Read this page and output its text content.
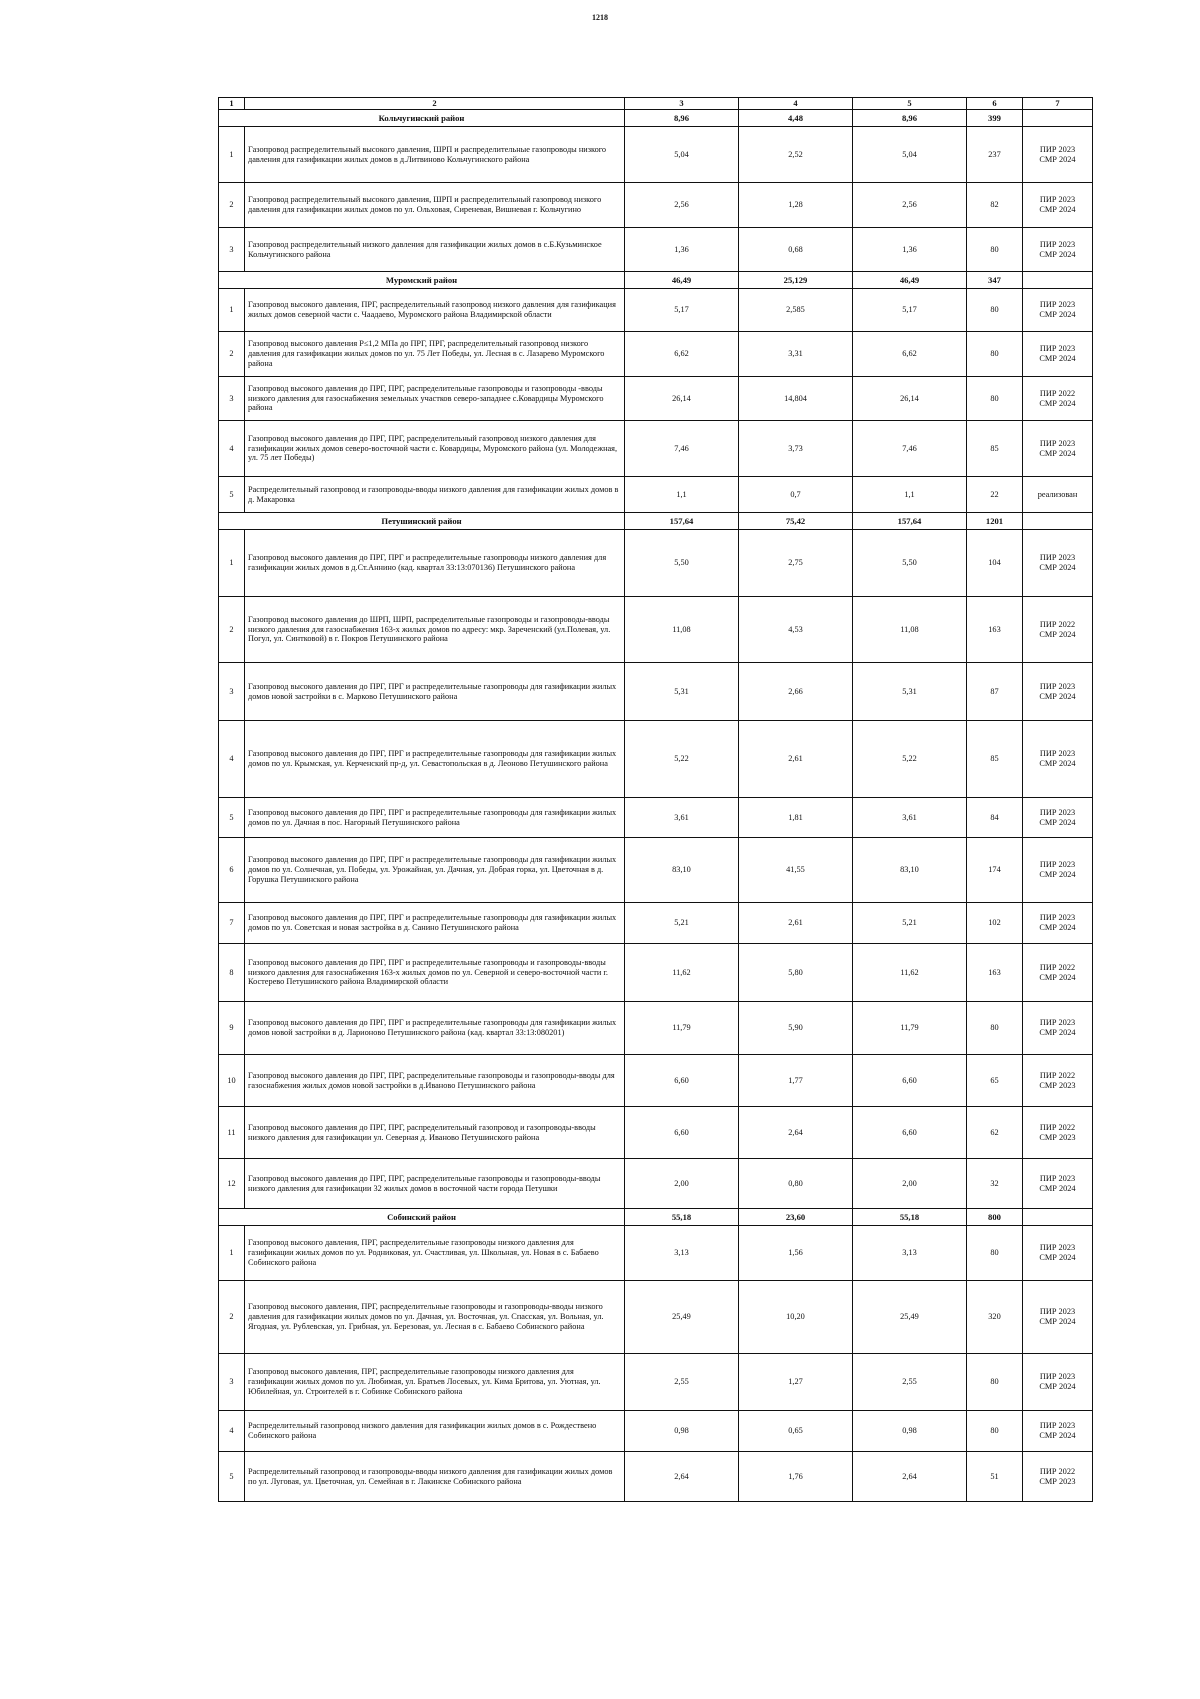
1218
1	2	3	4	5	6	7
Кольчугинский район		8,96	4,48	8,96	399	
1	Газопровод распределительный высокого давления, ШРП и распределительные газопроводы низкого давления для газификации жилых домов в д.Литвиново Кольчугинского района	5,04	2,52	5,04	237	ПИР 2023
СМР 2024

2	Газопровод распределительный высокого давления, ШРП и распределительный газопровод низкого давления для газификации жилых домов по ул. Ольховая, Сиреневая, Вишневая г. Кольчугино	2,56	1,28	2,56	82	ПИР 2023
СМР 2024

3	Газопровод распределительный низкого давления для газификации жилых домов в с.Б.Кузьминское Кольчугинского района	1,36	0,68	1,36	80	ПИР 2023
СМР 2024

Муромский район		46,49	25,129	46,49	347	
1	Газопровод высокого давления, ПРГ, распределительный газопровод низкого давления для газификация жилых домов северной части с. Чаадаево, Муромского района Владимирской области	5,17	2,585	5,17	80	ПИР 2023
СМР 2024

2	Газопровод высокого давления P≤1,2 МПа до ПРГ, ПРГ, распределительный газопровод низкого давления для газификации жилых домов по ул. 75 Лет Победы, ул. Лесная в с. Лазарево Муромского района	6,62	3,31	6,62	80	ПИР 2023
СМР 2024

3	Газопровод высокого давления до ПРГ, ПРГ, распределительные газопроводы и газопроводы -вводы низкого давления для газоснабжения земельных участков северо-западнее с.Ковардицы Муромского района	26,14	14,804	26,14	80	ПИР 2022
СМР 2024

4	Газопровод высокого давления до ПРГ, ПРГ, распределительный газопровод низкого давления для газификации жилых домов северо-восточной части с. Ковардицы, Муромского района (ул. Молодежная, ул. 75 лет Победы)	7,46	3,73	7,46	85	ПИР 2023
СМР 2024

5	Распределительный газопровод и газопроводы-вводы низкого давления для газификации жилых домов в д. Макаровка	1,1	0,7	1,1	22	реализован

Петушинский район		157,64	75,42	157,64	1201	
1	Газопровод высокого давления до ПРГ, ПРГ и распределительные газопроводы низкого давления для газификации жилых домов в д.Ст.Аннино (кад. квартал 33:13:070136) Петушинского района	5,50	2,75	5,50	104	ПИР 2023
СМР 2024

2	Газопровод высокого давления до ШРП, ШРП, распределительные газопроводы и газопроводы-вводы низкого давления для газоснабжения 163-х жилых домов по адресу: мкр. Зареченский (ул.Полевая, ул. Погул, ул. Синтковой) в г. Покров Петушинского района	11,08	4,53	11,08	163	ПИР 2022
СМР 2024

3	Газопровод высокого давления до ПРГ, ПРГ и распределительные газопроводы для газификации жилых домов новой застройки в с. Марково Петушинского района	5,31	2,66	5,31	87	ПИР 2023
СМР 2024

4	Газопровод высокого давления до ПРГ, ПРГ и распределительные газопроводы для газификации жилых домов по ул. Крымская, ул. Керченский пр-д, ул. Севастопольская в д. Леоново Петушинского района	5,22	2,61	5,22	85	ПИР 2023
СМР 2024

5	Газопровод высокого давления до ПРГ, ПРГ и распределительные газопроводы для газификации жилых домов по ул. Дачная в пос. Нагорный Петушинского района	3,61	1,81	3,61	84	ПИР 2023
СМР 2024

6	Газопровод высокого давления до ПРГ, ПРГ и распределительные газопроводы для газификации жилых домов по ул. Солнечная, ул. Победы, ул. Урожайная, ул. Дачная, ул. Добрая горка, ул. Цветочная в д. Горушка Петушинского района	83,10	41,55	83,10	174	ПИР 2023
СМР 2024

7	Газопровод высокого давления до ПРГ, ПРГ и распределительные газопроводы для газификации жилых домов по ул. Советская и новая застройка в д. Санино Петушинского района	5,21	2,61	5,21	102	ПИР 2023
СМР 2024

8	Газопровод высокого давления до ПРГ, ПРГ и распределительные газопроводы и газопроводы-вводы низкого давления для газоснабжения 163-х жилых домов по ул. Северной и северо-восточной части г. Костерево Петушинского района Владимирской области	11,62	5,80	11,62	163	ПИР 2022
СМР 2024

9	Газопровод высокого давления до ПРГ, ПРГ и распределительные газопроводы для газификации жилых домов новой застройки в д. Ларионово Петушинского района (кад. квартал 33:13:080201)	11,79	5,90	11,79	80	ПИР 2023
СМР 2024

10	Газопровод высокого давления до ПРГ, ПРГ, распределительные газопроводы и газопроводы-вводы для газоснабжения жилых домов новой застройки в д.Иваново Петушинского района	6,60	1,77	6,60	65	ПИР 2022
СМР 2023

11	Газопровод высокого давления до ПРГ, ПРГ, распределительный газопровод и газопроводы-вводы низкого давления для газификации ул. Северная д. Иваново Петушинского района	6,60	2,64	6,60	62	ПИР 2022
СМР 2023

12	Газопровод высокого давления до ПРГ, ПРГ, распределительные газопроводы и газопроводы-вводы низкого давления для газификации 32 жилых домов в восточной части города Петушки	2,00	0,80	2,00	32	ПИР 2023
СМР 2024

Собинский район		55,18	23,60	55,18	800	
1	Газопровод высокого давления, ПРГ, распределительные газопроводы низкого давления для газификации жилых домов по ул. Родниковая, ул. Счастливая, ул. Школьная, ул. Новая в с. Бабаево Собинского района	3,13	1,56	3,13	80	ПИР 2023
СМР 2024

2	Газопровод высокого давления, ПРГ, распределительные газопроводы и газопроводы-вводы низкого давления для газификации жилых домов по ул. Дачная, ул. Восточная, ул. Спасская, ул. Вольная, ул. Ягодная, ул. Рублевская, ул. Грибная, ул. Березовая, ул. Лесная в с. Бабаево Собинского района	25,49	10,20	25,49	320	ПИР 2023
СМР 2024

3	Газопровод высокого давления, ПРГ, распределительные газопроводы низкого давления для газификации жилых домов по ул. Любимая, ул. Братьев Лосевых, ул. Кима Бритова, ул. Уютная, ул. Юбилейная, ул. Строителей в г. Собинке Собинского района	2,55	1,27	2,55	80	ПИР 2023
СМР 2024

4	Распределительный газопровод низкого давления для газификации жилых домов в с. Рождествено Собинского района	0,98	0,65	0,98	80	ПИР 2023
СМР 2024

5	Распределительный газопровод и газопроводы-вводы низкого давления для газификации жилых домов по ул. Луговая, ул. Цветочная, ул. Семейная в г. Лакинске Собинского района	2,64	1,76	2,64	51	ПИР 2022
СМР 2023
